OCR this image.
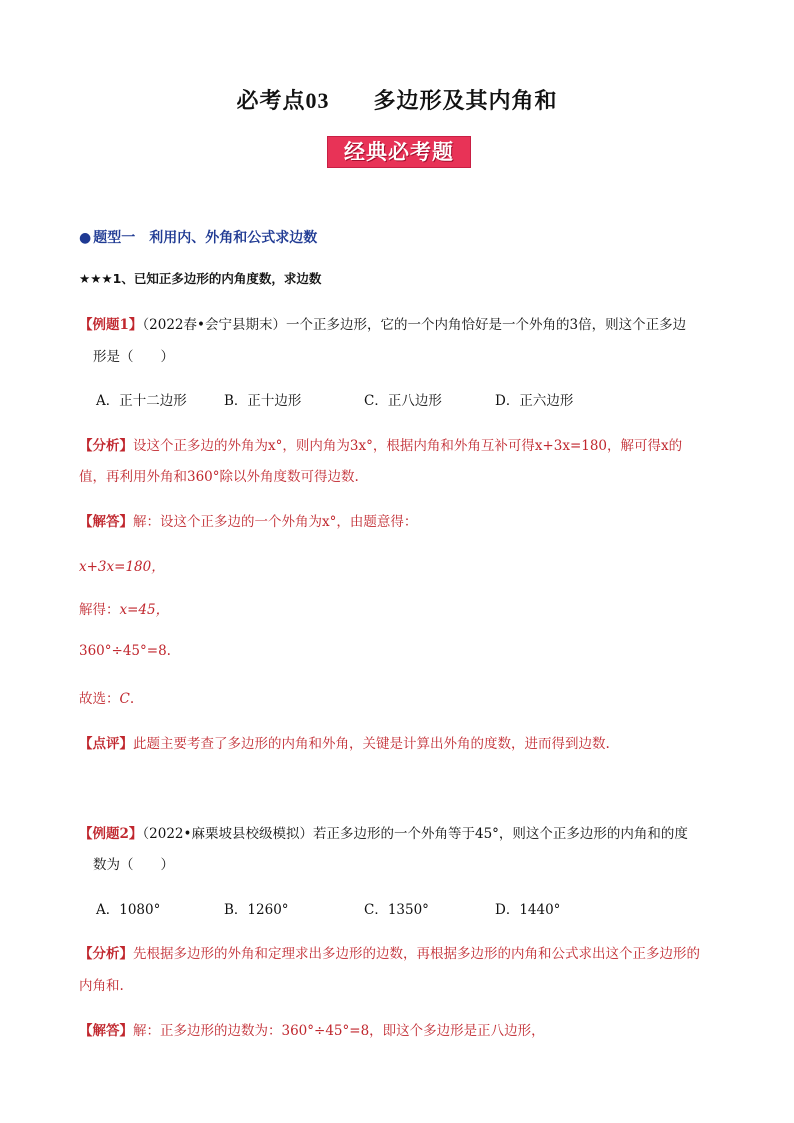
必考点03 多边形及其内角和
经典必考题
● 题型一 利用内、外角和公式求边数
★★★1、已知正多边形的内角度数，求边数
【例题1】（2022春•会宁县期末）一个正多边形，它的一个内角恰好是一个外角的3倍，则这个正多边
形是（　　）
A．正十二边形	B．正十边形	C．正八边形	D．正六边形
【分析】设这个正多边的外角为x°，则内角为3x°，根据内角和外角互补可得x+3x=180，解可得x的
值，再利用外角和360°除以外角度数可得边数.
【解答】解：设这个正多边的一个外角为x°，由题意得：
x+3x=180，
解得：x=45，
360°÷45°=8.
故选：C.
【点评】此题主要考查了多边形的内角和外角，关键是计算出外角的度数，进而得到边数.
【例题2】（2022•麻栗坡县校级模拟）若正多边形的一个外角等于45°，则这个正多边形的内角和的度
数为（　　）
A．1080°	B．1260°	C．1350°	D．1440°
【分析】先根据多边形的外角和定理求出多边形的边数，再根据多边形的内角和公式求出这个正多边形的
内角和.
【解答】解：正多边形的边数为：360°÷45°=8，即这个多边形是正八边形，
